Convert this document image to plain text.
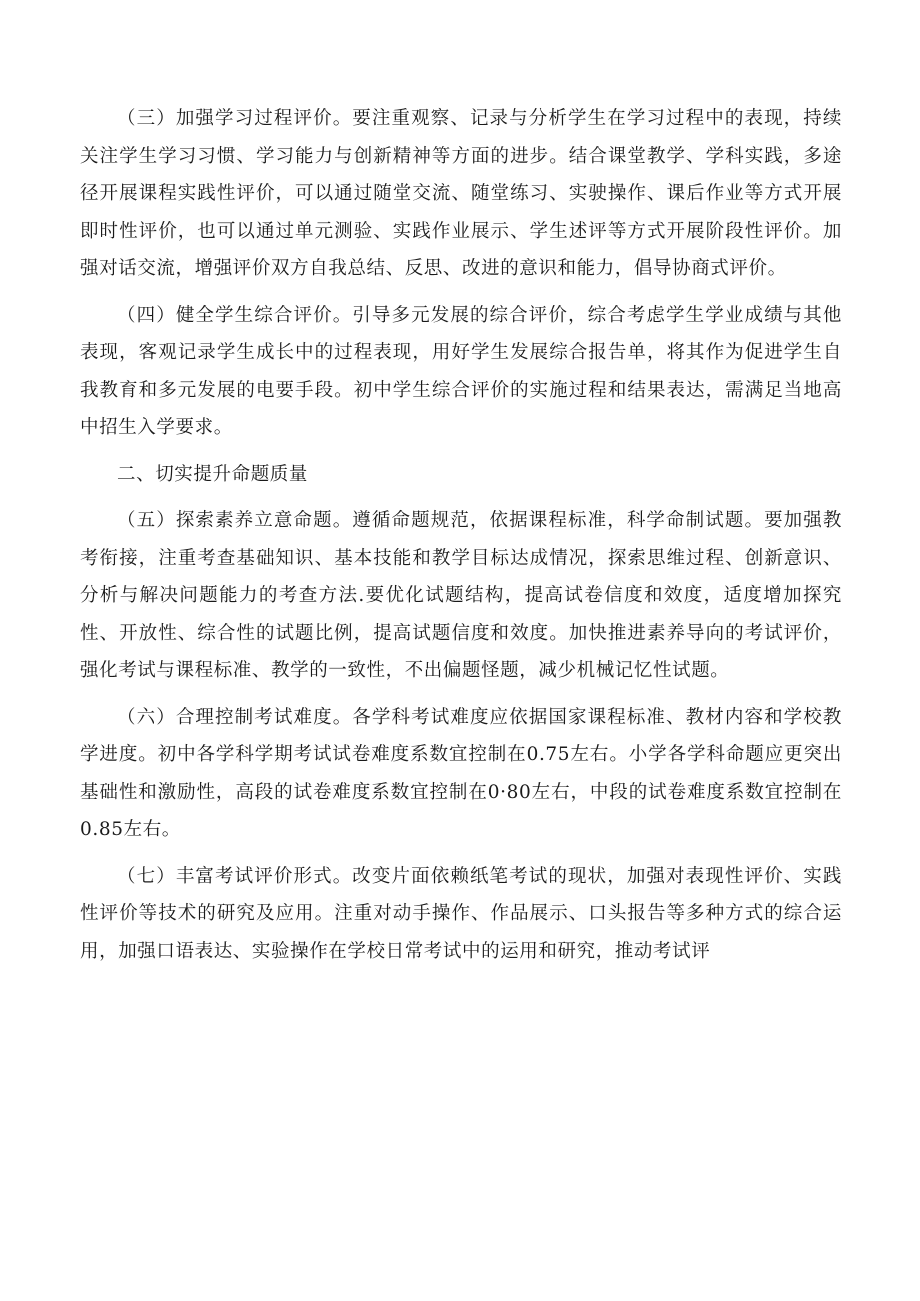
（三）加强学习过程评价。要注重观察、记录与分析学生在学习过程中的表现，持续关注学生学习习惯、学习能力与创新精神等方面的进步。结合课堂教学、学科实践，多途径开展课程实践性评价，可以通过随堂交流、随堂练习、实驶操作、课后作业等方式开展即时性评价，也可以通过单元测验、实践作业展示、学生述评等方式开展阶段性评价。加强对话交流，增强评价双方自我总结、反思、改进的意识和能力，倡导协商式评价。

（四）健全学生综合评价。引导多元发展的综合评价，综合考虑学生学业成绩与其他表现，客观记录学生成长中的过程表现，用好学生发展综合报告单，将其作为促进学生自我教育和多元发展的电要手段。初中学生综合评价的实施过程和结果表达，需满足当地高中招生入学要求。

二、切实提升命题质量

（五）探索素养立意命题。遵循命题规范，依据课程标准，科学命制试题。要加强教考衔接，注重考查基础知识、基本技能和教学目标达成情况，探索思维过程、创新意识、分析与解决问题能力的考查方法.要优化试题结构，提高试卷信度和效度，适度增加探究性、开放性、综合性的试题比例，提高试题信度和效度。加快推进素养导向的考试评价，强化考试与课程标准、教学的一致性，不出偏题怪题，减少机械记忆性试题。

（六）合理控制考试难度。各学科考试难度应依据国家课程标准、教材内容和学校教学进度。初中各学科学期考试试卷难度系数宜控制在0.75左右。小学各学科命题应更突出基础性和激励性，高段的试卷难度系数宜控制在0·80左右，中段的试卷难度系数宜控制在0.85左右。

（七）丰富考试评价形式。改变片面依赖纸笔考试的现状，加强对表现性评价、实践性评价等技术的研究及应用。注重对动手操作、作品展示、口头报告等多种方式的综合运用，加强口语表达、实验操作在学校日常考试中的运用和研究，推动考试评
